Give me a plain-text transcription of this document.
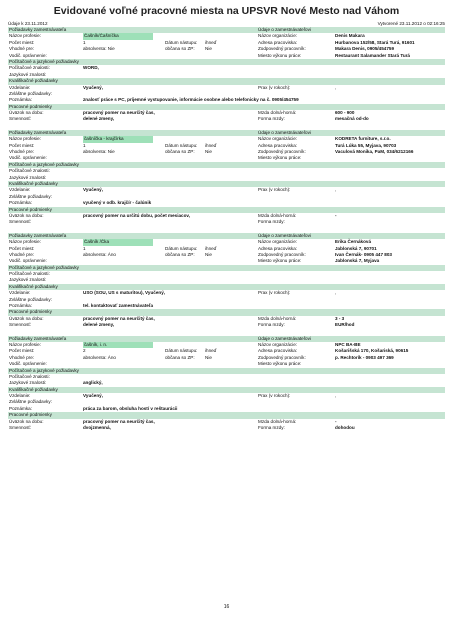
Evidované voľné pracovné miesta na UPSVR Nové Mesto nad Váhom
Údaje k 23.11.2012	Vytvorené 23.11.2012 o 02:16:25
Požiadavky zamestnávateľa	Údaje o zamestnávateľovi
Názov profesie:	Čašník/Čašníčka	Názov organizácie:	Denis Makara
Počet miest:	1	Dátum nástupu: ihneď	Adresa pracoviska:	Hurbanova 152/58, Stará Turá, 91601
Vhodné pre:	absolventa: Nie	občana so ZP: Nie	Zodpovedný pracovník:	Makara Denis, 0905/454759
Vodič. oprávnenie:	Miesto výkonu práce:	Restaurant Salamander Stará Turá
Počítačové a jazykové požiadavky
Počítačové znalosti:	WORD,
Jazykové znalosti:
Kvalifikačné požiadavky
Vzdelanie:	Vyučený,	Prax (v rokoch):	,
Zvláštne požiadavky:
Poznámka:	znalosť práce s PC, príjemné vystupovanie, informácie osobne alebo telefonicky na č. 0905/454759
Pracovné podmienky
Úväzok na dobu:	pracovný pomer na neurčitý čas,	Mzda dolná-horná:	600 - 900
Smennosť:	delené zmeny,	Forma mzdy:	mesačná od-do
Požiadavky zamestnávateľa	Údaje o zamestnávateľovi
Názov profesie:	čašníčka - krajčírka	Názov organizácie:	KODRETA furniture, s.r.o.
Počet miest:	1	Dátum nástupu: ihneď	Adresa pracoviska:	Turá Lúka 55, Myjava, 90703
Vhodné pre:	absolventa: Nie	občana so ZP: Nie	Zodpovedný pracovník:	Vaculová Monika, PaM, 034/6212166
Vodič. oprávnenie:	Miesto výkonu práce:
Počítačové a jazykové požiadavky
Počítačové znalosti:
Jazykové znalosti:
Kvalifikačné požiadavky
Vzdelanie:	Vyučený,	Prax (v rokoch):	,
Zvláštne požiadavky:
Poznámka:	vyučený v odb. krajčír - čalúnik
Pracovné podmienky
Úväzok na dobu:	pracovný pomer na určitú dobu, počet mesiacov,	Mzda dolná-horná:	-
Smennosť:	Forma mzdy:
Požiadavky zamestnávateľa	Údaje o zamestnávateľovi
Názov profesie:	Čašník /Čka	Názov organizácie:	Erika Černáková
Počet miest:	1	Dátum nástupu: ihneď	Adresa pracoviska:	Jablonská 7, 90701
Vhodné pre:	absolventa: Áno	občana so ZP: Nie	Zodpovedný pracovník:	Ivan Černák- 0905 447 803
Vodič. oprávnenie:	Miesto výkonu práce:	Jablonská 7, Myjava
Počítačové a jazykové požiadavky
Počítačové znalosti:
Jazykové znalosti:
Kvalifikačné požiadavky
Vzdelanie:	USO (SOU, US s maturitou), Vyučený,	Prax (v rokoch):	,
Zvláštne požiadavky:
Poznámka:	tel. kontaktovať zamestnávateľa
Pracovné podmienky
Úväzok na dobu:	pracovný pomer na neurčitý čas,	Mzda dolná-horná:	3 - 3
Smennosť:	delené zmeny,	Forma mzdy:	EUR/hod
Požiadavky zamestnávateľa	Údaje o zamestnávateľovi
Názov profesie:	čašník, i. n.	Názov organizácie:	NPC BA-BE
Počet miest:	2	Dátum nástupu: ihneď	Adresa pracoviska:	Košarišská 170, Košariská, 90615
Vhodné pre:	absolventa: Áno	občana so ZP: Nie	Zodpovedný pracovník:	p. Rechtorík - 0903 497 369
Vodič. oprávnenie:	Miesto výkonu práce:
Počítačové a jazykové požiadavky
Počítačové znalosti:
Jazykové znalosti:	anglický,
Kvalifikačné požiadavky
Vzdelanie:	Vyučený,	Prax (v rokoch):	,
Zvláštne požiadavky:
Poznámka:	práca za barom, obsluha hostí v reštaurácii
Pracovné podmienky
Úväzok na dobu:	pracovný pomer na neurčitý čas,	Mzda dolná-horná:	-
Smennosť:	dvojzmenná,	Forma mzdy:	dohodou
16
